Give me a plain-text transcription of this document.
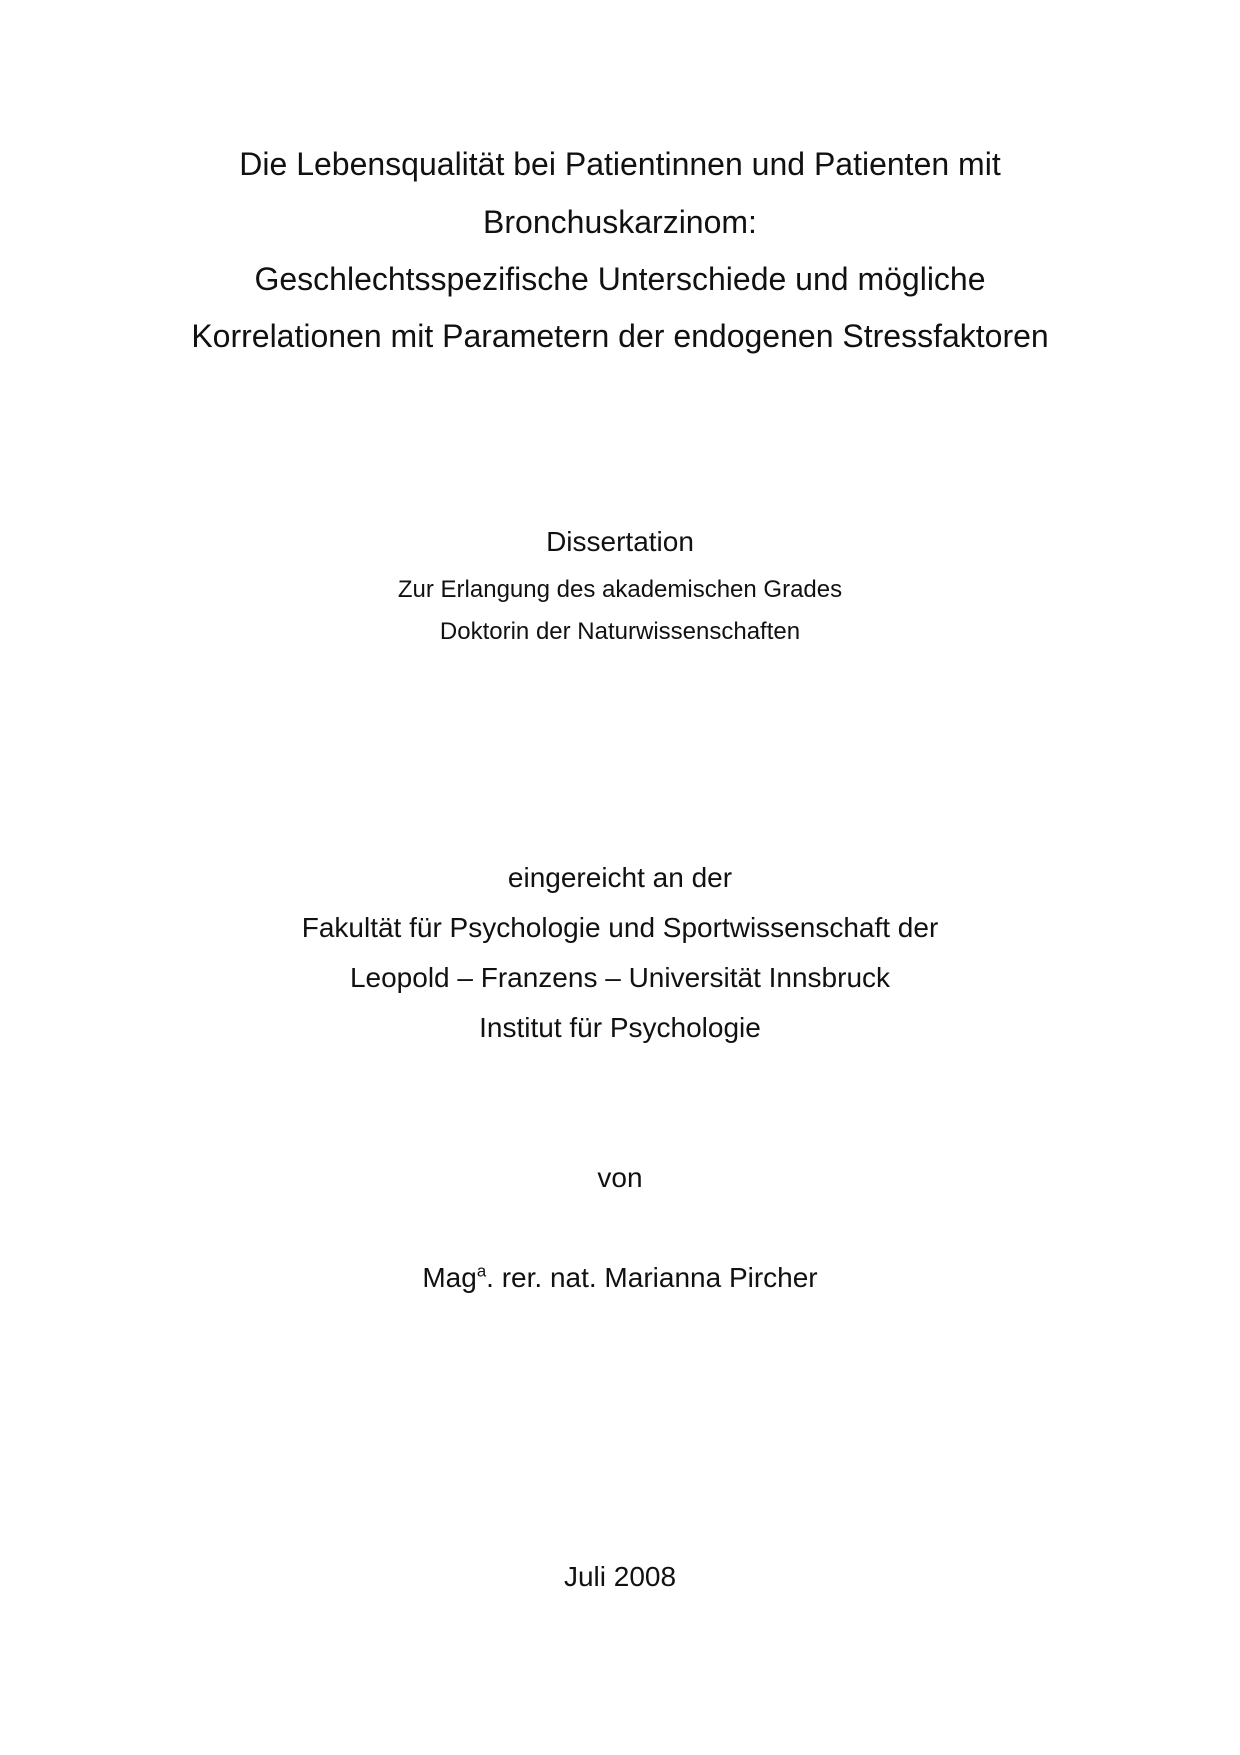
Die Lebensqualität bei Patientinnen und Patienten mit
Bronchuskarzinom:
Geschlechtsspezifische Unterschiede und mögliche
Korrelationen mit Parametern der endogenen Stressfaktoren
Dissertation
Zur Erlangung des akademischen Grades
Doktorin der Naturwissenschaften
eingereicht an der
Fakultät für Psychologie und Sportwissenschaft der
Leopold – Franzens – Universität Innsbruck
Institut für Psychologie
von
Mag$^a$. rer. nat. Marianna Pircher
Juli 2008
